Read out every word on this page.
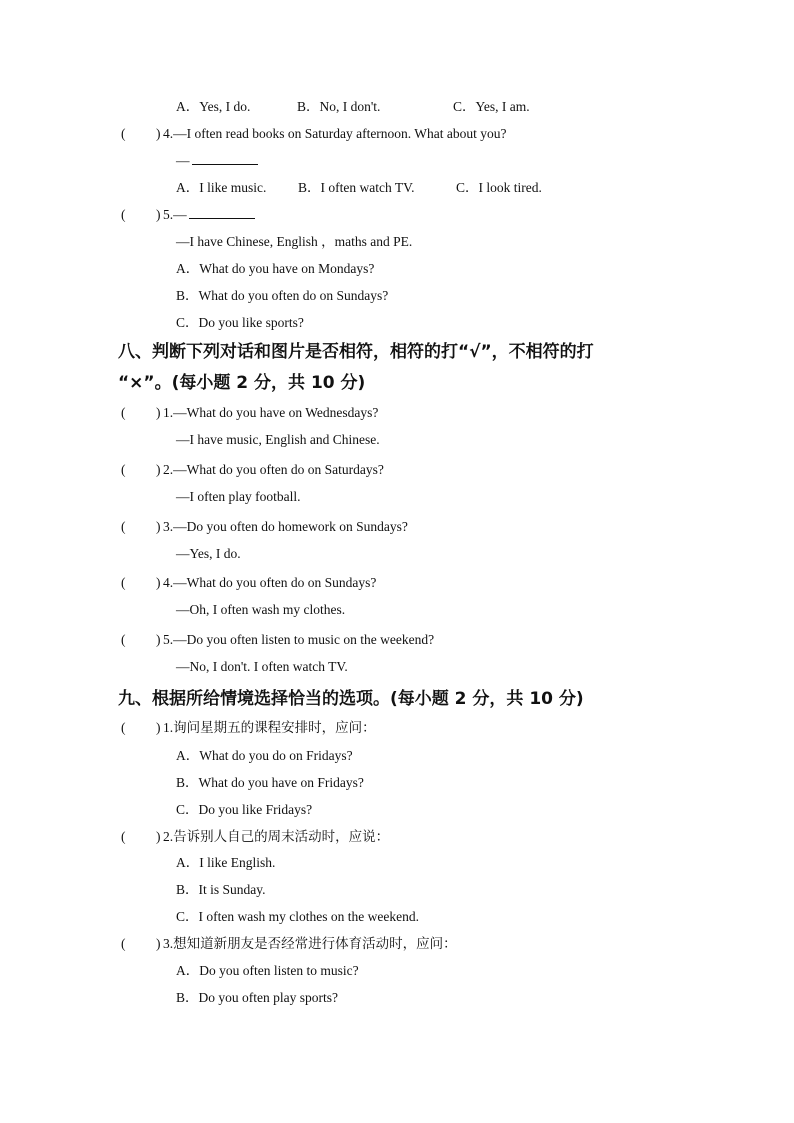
A．Yes, I do.	B．No, I don't.	C．Yes, I am.
( ) 4.—I often read books on Saturday afternoon. What about you?
—
A．I like music. B．I often watch TV.	C．I look tired.
( ) 5.—
—I have Chinese, English ，maths and PE.
A．What do you have on Mondays?
B．What do you often do on Sundays?
C．Do you like sports?
八、判断下列对话和图片是否相符，相符的打“√”，不相符的打
“×”。(每小题 2 分，共 10 分)
( ) 1.—What do you have on Wednesdays?
—I have music, English and Chinese.
( ) 2.—What do you often do on Saturdays?
—I often play football.
( ) 3.—Do you often do homework on Sundays?
—Yes, I do.
( ) 4.—What do you often do on Sundays?
—Oh, I often wash my clothes.
( ) 5.—Do you often listen to music on the weekend?
—No, I don't. I often watch TV.
九、根据所给情境选择恰当的选项。(每小题 2 分，共 10 分)
( ) 1.询问星期五的课程安排时，应问：
A．What do you do on Fridays?
B．What do you have on Fridays?
C．Do you like Fridays?
( ) 2.告诉别人自己的周末活动时，应说：
A．I like English.
B．It is Sunday.
C．I often wash my clothes on the weekend.
( ) 3.想知道新朋友是否经常进行体育活动时，应问：
A．Do you often listen to music?
B．Do you often play sports?
